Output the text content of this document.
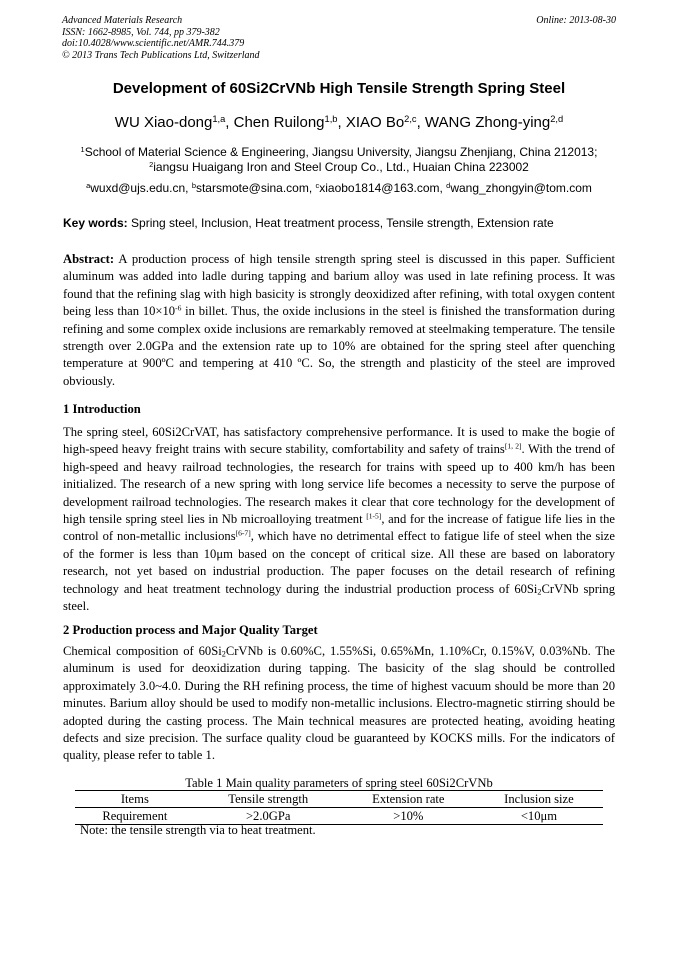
Advanced Materials Research
ISSN: 1662-8985, Vol. 744, pp 379-382
doi:10.4028/www.scientific.net/AMR.744.379
© 2013 Trans Tech Publications Ltd, Switzerland
Online: 2013-08-30
Development of 60Si2CrVNb High Tensile Strength Spring Steel
WU Xiao-dong$^{1,a}$, Chen Ruilong$^{1,b}$, XIAO Bo$^{2,c}$, WANG Zhong-ying$^{2,d}$
$^1$School of Material Science & Engineering, Jiangsu University, Jiangsu Zhenjiang, China 212013;
$^2$iangsu Huaigang Iron and Steel Croup Co., Ltd., Huaian China 223002
$^a$wuxd@ujs.edu.cn, $^b$starsmote@sina.com, $^c$xiaobo1814@163.com, $^d$wang_zhongyin@tom.com
Key words: Spring steel, Inclusion, Heat treatment process, Tensile strength, Extension rate
Abstract: A production process of high tensile strength spring steel is discussed in this paper. Sufficient aluminum was added into ladle during tapping and barium alloy was used in late refining process. It was found that the refining slag with high basicity is strongly deoxidized after refining, with total oxygen content being less than $10\times 10^{-6}$ in billet. Thus, the oxide inclusions in the steel is finished the transformation during refining and some complex oxide inclusions are remarkably removed at steelmaking temperature. The tensile strength over 2.0GPa and the extension rate up to 10% are obtained for the spring steel after quenching temperature at 900ºC and tempering at 410 ºC. So, the strength and plasticity of the steel are improved obviously.
1 Introduction
The spring steel, 60Si2CrVAT, has satisfactory comprehensive performance. It is used to make the bogie of high-speed heavy freight trains with secure stability, comfortability and safety of trains[1, 2]. With the trend of high-speed and heavy railroad technologies, the research for trains with speed up to 400 km/h has been initialized. The research of a new spring with long service life becomes a necessity to serve the purpose of development railroad technologies. The research makes it clear that core technology for the development of high tensile spring steel lies in Nb microalloying treatment [1-5], and for the increase of fatigue life lies in the control of non-metallic inclusions[6-7], which have no detrimental effect to fatigue life of steel when the size of the former is less than 10μm based on the concept of critical size. All these are based on laboratory research, not yet based on industrial production. The paper focuses on the detail research of refining technology and heat treatment technology during the industrial production process of $60Si_2CrVNb$ spring steel.
2 Production process and Major Quality Target
Chemical composition of $60Si_2CrVNb$ is 0.60%C, 1.55%Si, 0.65%Mn, 1.10%Cr, 0.15%V, 0.03%Nb. The aluminum is used for deoxidization during tapping. The basicity of the slag should be controlled approximately 3.0~4.0. During the RH refining process, the time of highest vacuum should be more than 20 minutes. Barium alloy should be used to modify non-metallic inclusions. Electro-magnetic stirring should be adopted during the casting process. The Main technical measures are protected heating, avoiding heating defects and size precision. The surface quality cloud be guaranteed by KOCKS mills. For the indicators of quality, please refer to table 1.
Table 1 Main quality parameters of spring steel 60Si2CrVNb
Items	Tensile strength	Extension rate	Inclusion size
Requirement	>2.0GPa	>10%	<10μm
Note: the tensile strength via to heat treatment.
